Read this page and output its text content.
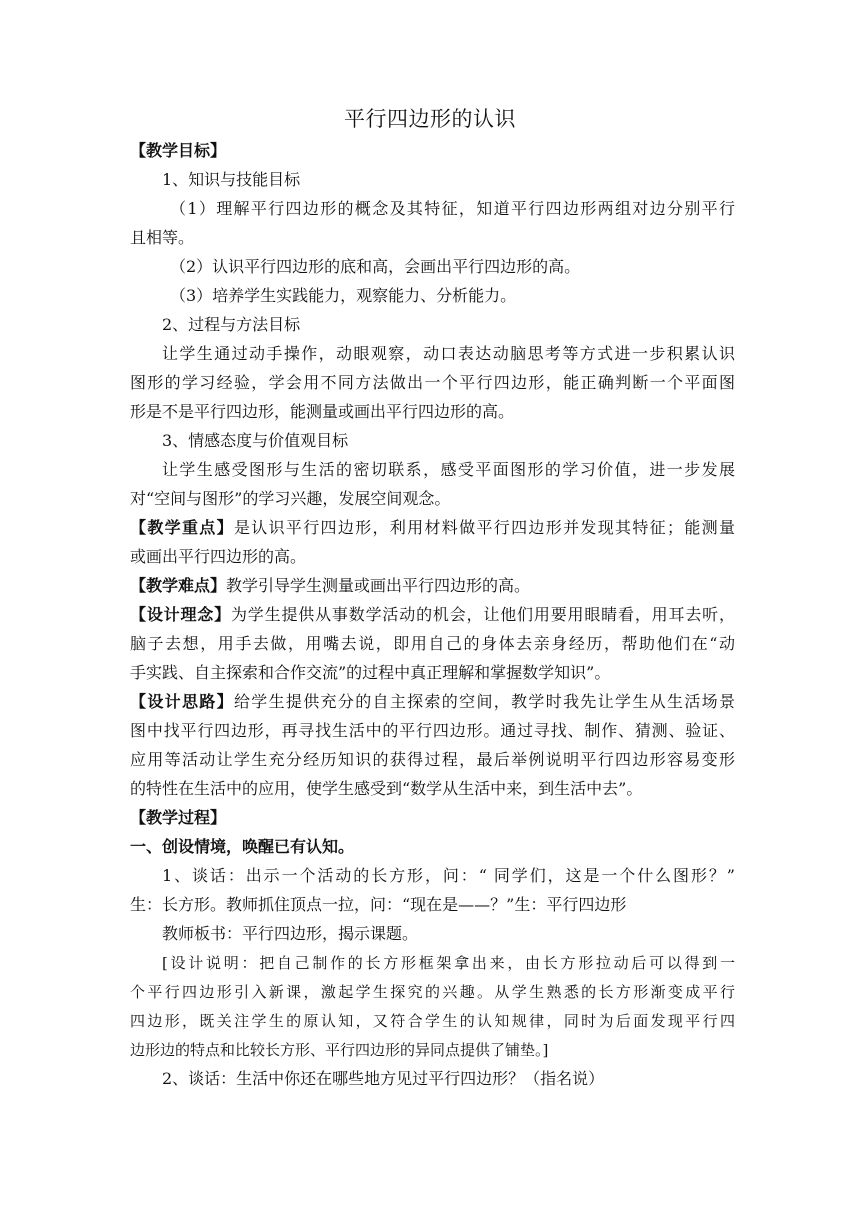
平行四边形的认识
【教学目标】
1、知识与技能目标
（1）理解平行四边形的概念及其特征，知道平行四边形两组对边分别平行
且相等。
（2）认识平行四边形的底和高，会画出平行四边形的高。
（3）培养学生实践能力，观察能力、分析能力。
2、过程与方法目标
让学生通过动手操作，动眼观察，动口表达动脑思考等方式进一步积累认识
图形的学习经验，学会用不同方法做出一个平行四边形，能正确判断一个平面图
形是不是平行四边形，能测量或画出平行四边形的高。
3、情感态度与价值观目标
让学生感受图形与生活的密切联系，感受平面图形的学习价值，进一步发展
对“空间与图形”的学习兴趣，发展空间观念。
【教学重点】是认识平行四边形，利用材料做平行四边形并发现其特征；能测量
或画出平行四边形的高。
【教学难点】教学引导学生测量或画出平行四边形的高。
【设计理念】为学生提供从事数学活动的机会，让他们用要用眼睛看，用耳去听，
脑子去想，用手去做，用嘴去说，即用自己的身体去亲身经历，帮助他们在“动
手实践、自主探索和合作交流”的过程中真正理解和掌握数学知识”。
【设计思路】给学生提供充分的自主探索的空间，教学时我先让学生从生活场景
图中找平行四边形，再寻找生活中的平行四边形。通过寻找、制作、猜测、验证、
应用等活动让学生充分经历知识的获得过程，最后举例说明平行四边形容易变形
的特性在生活中的应用，使学生感受到“数学从生活中来，到生活中去”。
【教学过程】
一、创设情境，唤醒已有认知。
1、谈话：出示一个活动的长方形，问：“ 同学们，这是一个什么图形？”
生：长方形。教师抓住顶点一拉，问：“现在是——？”生：平行四边形
教师板书：平行四边形，揭示课题。
[设计说明：把自己制作的长方形框架拿出来，由长方形拉动后可以得到一
个平行四边形引入新课，激起学生探究的兴趣。从学生熟悉的长方形渐变成平行
四边形，既关注学生的原认知，又符合学生的认知规律，同时为后面发现平行四
边形边的特点和比较长方形、平行四边形的异同点提供了铺垫。]
2、谈话：生活中你还在哪些地方见过平行四边形？（指名说）
